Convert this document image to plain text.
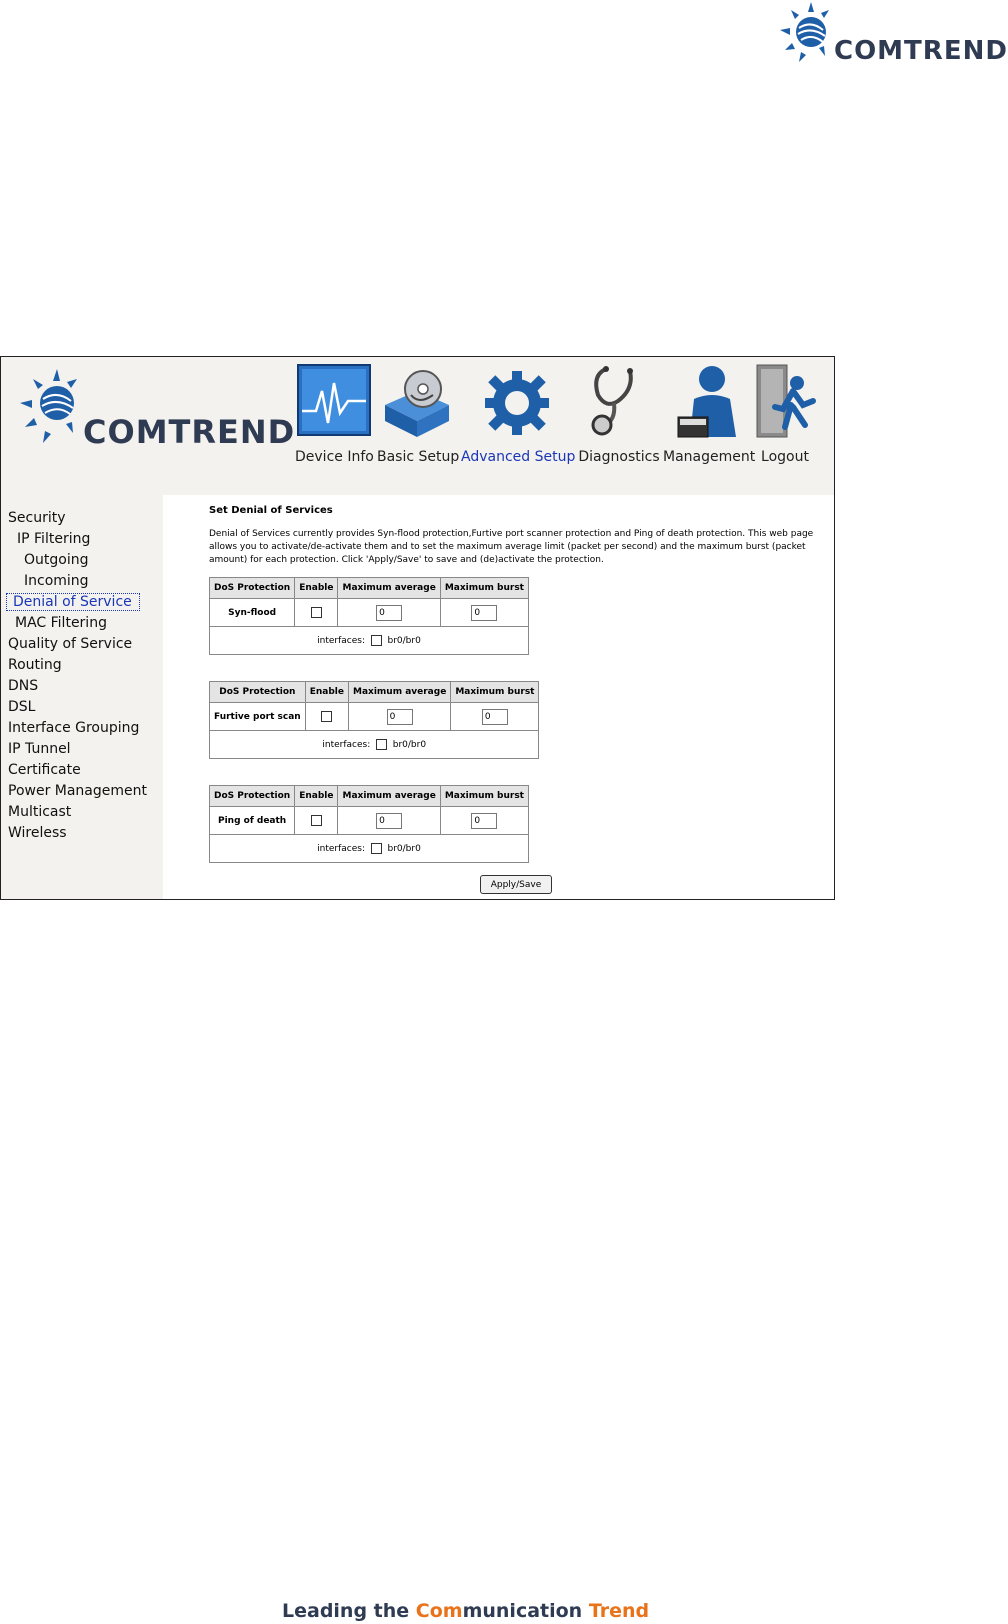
COMTREND
COMTREND
Device Info Basic Setup Advanced Setup Diagnostics Management Logout
Security
IP Filtering
Outgoing
Incoming
Denial of Service
MAC Filtering
Quality of Service
Routing
DNS
DSL
Interface Grouping
IP Tunnel
Certificate
Power Management
Multicast
Wireless
Set Denial of Services
Denial of Services currently provides Syn-flood protection,Furtive port scanner protection and Ping of death protection. This web page allows you to activate/de-activate them and to set the maximum average limit (packet per second) and the maximum burst (packet amount) for each protection. Click 'Apply/Save' to save and (de)activate the protection.
DoS Protection	Enable	Maximum average	Maximum burst
Syn-flood		0	0
interfaces: br0/br0			
DoS Protection	Enable	Maximum average	Maximum burst
Furtive port scan		0	0
interfaces: br0/br0			
DoS Protection	Enable	Maximum average	Maximum burst
Ping of death		0	0
interfaces: br0/br0			
Apply/Save
Leading the Communication Trend
